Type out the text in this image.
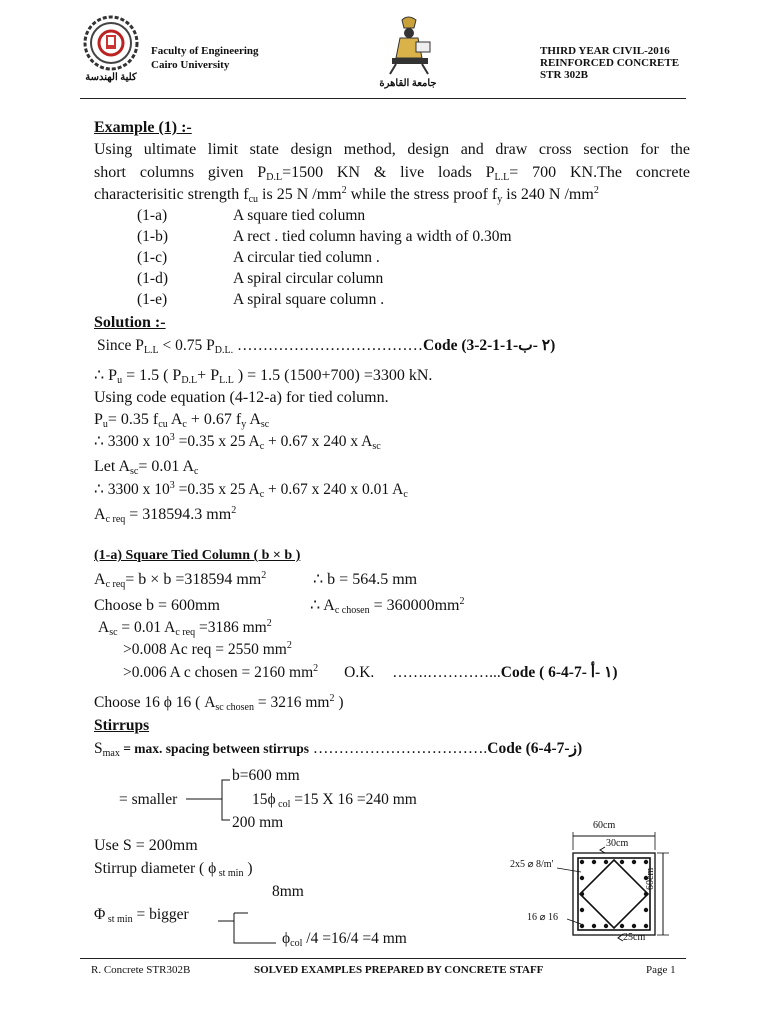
كلية الهندسة
Faculty of Engineering
Cairo University
جامعة القاهرة
THIRD YEAR CIVIL-2016
REINFORCED CONCRETE
STR 302B
Example (1) :-
Using ultimate limit state design method, design and draw cross section for the
short columns given $P_{D.L}=1500$ KN & live loads $P_{L.L}= 700$ KN.The concrete
characterisitic strength $f_{cu}$ is 25 N $/mm^2$ while the stress proof $f_y$ is 240 N $/mm^2$
(1-a)	A square tied column
(1-b)	A rect . tied column having a width of 0.30m
(1-c)	A circular tied column .
(1-d)	A spiral circular column
(1-e)	A spiral square column .
Solution :-
Since $P_{L.L} < 0.75$ $P_{D.L.}$ ………………………………Code (3-2-1-1-٢ -ب)
∴ $P_u = 1.5$ ( $P_{D.L}+ P_{L.L}$ ) = 1.5 (1500+700) =3300 kN.
Using code equation (4-12-a) for tied column.
$P_u= 0.35$ $f_{cu}$ $A_c + 0.67$ $f_y$ $A_{sc}$
∴ 3300 x $10^3 =0.35$ x 25 $A_c + 0.67$ x 240 x $A_{sc}$
Let $A_{sc}= 0.01$ $A_c$
∴ 3300 x $10^3 =0.35$ x 25 $A_c + 0.67$ x 240 x 0.01 $A_c$
$A_{c req} = 318594.3$ $mm^2$
(1-a) Square Tied Column ( b × b )
$A_{c req}= b \times b =318594$ $mm^2$	∴ b = 564.5 mm
Choose b = 600mm	∴ $A_{c chosen} = 360000mm^2$
$A_{sc} = 0.01$ $A_{c req} =3186$ $mm^2$
>0.008 Ac req = 2550 $mm^2$
>0.006 A c chosen = 2160 $mm^2$ O.K. …….…………...Code ( 6-4-7- ١ -أ)
Choose 16 ϕ 16 ( $A_{sc chosen} = 3216$ $mm^2$ )
Stirrups
$S_{max} = \max$. spacing between stirrups …………………………….Code (6-4-7-ز)
b=600 mm
= smaller	15ϕ $_{col}$ =15 X 16 =240 mm
200 mm
Use S = 200mm
Stirrup diameter ( ϕ $_{st min}$ )
8mm
Φ $_{st min}$ = bigger
$\phi_{col}$ /4 =16/4 =4 mm
60cm
30cm
2x5 ⌀ 8/m'
16 ⌀ 16
60cm
25cm
R. Concrete STR302B	SOLVED EXAMPLES PREPARED BY CONCRETE STAFF	Page 1
